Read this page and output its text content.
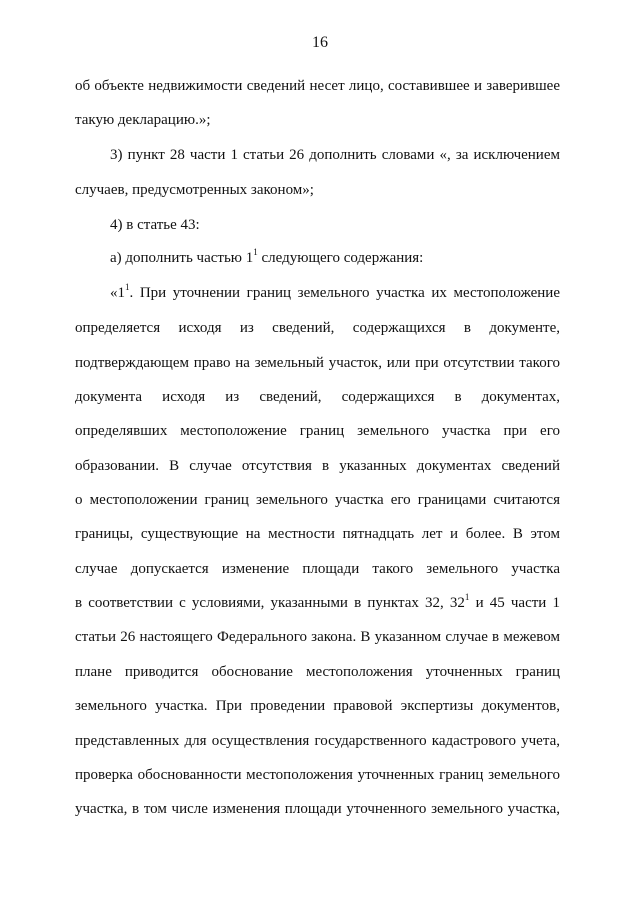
16
об объекте недвижимости сведений несет лицо, составившее и заверившее
такую декларацию.»;
3) пункт 28 части 1 статьи 26 дополнить словами «, за исключением
случаев, предусмотренных законом»;
4) в статье 43:
а) дополнить частью $1^1$ следующего содержания:
«$1^1$. При уточнении границ земельного участка их местоположение
определяется исходя из сведений, содержащихся в документе,
подтверждающем право на земельный участок, или при отсутствии такого
документа исходя из сведений, содержащихся в документах,
определявших местоположение границ земельного участка при его
образовании. В случае отсутствия в указанных документах сведений
о местоположении границ земельного участка его границами считаются
границы, существующие на местности пятнадцать лет и более. В этом
случае допускается изменение площади такого земельного участка
в соответствии с условиями, указанными в пунктах 32, $32^1$ и 45 части 1
статьи 26 настоящего Федерального закона. В указанном случае в межевом
плане приводится обоснование местоположения уточненных границ
земельного участка. При проведении правовой экспертизы документов,
представленных для осуществления государственного кадастрового учета,
проверка обоснованности местоположения уточненных границ земельного
участка, в том числе изменения площади уточненного земельного участка,
